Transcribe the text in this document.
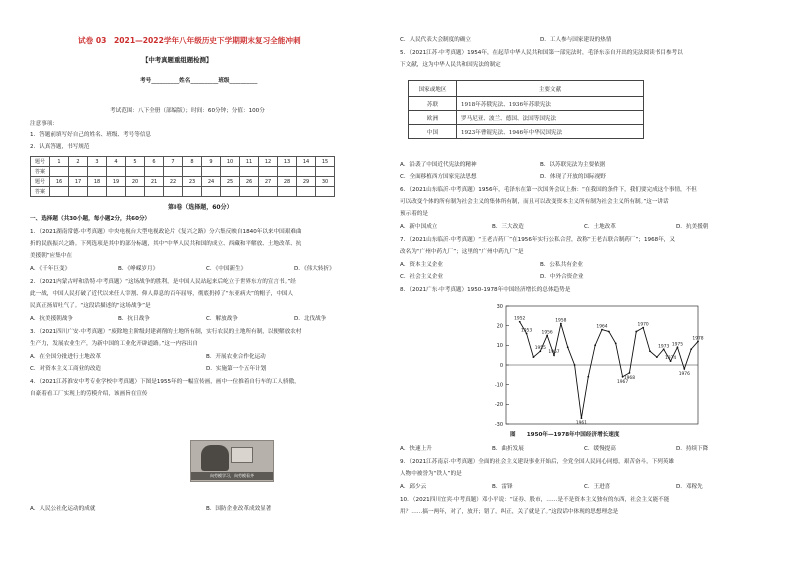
试卷 03　2021—2022学年八年级历史下学期期末复习全能冲刺
【中考真题重组题检测】
考号__________姓名__________班级__________
考试范围：八下全册（部编版）；时间：60分钟；分值：100分
注意事项：
1．答题前填写好自己的姓名、班级、考号等信息
2．认真答题，书写规范
题号	1	2	3	4	5	6	7	8	9	10	11	12	13	14	15
答案															
题号	16	17	18	19	20	21	22	23	24	25	26	27	28	29	30
答案															
第I卷（选择题，60分）
一、选择题（共30小题，每小题2分，共60分）
1．（2021湖南常德·中考真题）中央电视台大型电视政论片《复兴之路》分六集反映自1840年以来中国艰难曲
折的民族振兴之路。下列选项是其中的部分标题，其中“中华人民共和国的成立、西藏和平解放、土地改革、抗
美援朝”应集中在
A．《千年巨变》	B．《峥嵘岁月》	C．《中国新生》	D．《伟大转折》
2．（2021内蒙古呼和浩特·中考真题）“这场战争的胜利，是中国人民站起来后屹立于世界东方的宣言书。”经
此一战，中国人民打破了近代以来任人宰割、仰人鼻息的百年屈辱，彻底扔掉了“东亚病夫”的帽子，中国人
民真正扬眉吐气了。“这段话描述的“这场战争”是
A．抗美援朝战争	B．抗日战争	C．解放战争	D．北伐战争
3．（2021四川广安·中考真题）“废除地主阶级封建剥削的土地所有制，实行农民的土地所有制，以便解放农村
生产力，发展农业生产，为新中国的工业化开辟道路。”这一内容出自
A．在全国分批进行土地改革	B．开展农业合作化运动
C．对资本主义工商业的改造	D．实施第一个五年计划
4．（2021江苏淮安中考专业学校中考真题）下图是1955年的一幅宣传画，画中一位推着自行车的工人骄傲，
自豪着看工厂实现上的劳模介绍，该画旨在宣传
向劳模学习，向劳模看齐
A．人民公社化运动的成就	B．国防企业改革成效显著
C．人民代表大会制度的确立	D．工人参与国家建设的热情
5．（2021江苏·中考真题）1954年，在起草中华人民共和国第一部宪法时，毛泽东亲自开出的宪法阅读书目参考以
下文献，这为中华人民共和国宪法的制定
国家或地区	主要文献
苏联	1918年苏俄宪法、1936年苏联宪法
欧洲	罗马尼亚、波兰、德国、法国等国宪法
中国	1923年曹锟宪法、1946年中华民国宪法
A．沿袭了中国近代宪法的精神	B．以苏联宪法为主要依据
C．全面移植西方国家宪法思想	D．体现了开放的国际视野
6．（2021山东临沂·中考真题）1956年，毛泽东在第一次国务会议上指：“在我国的条件下，我们要完成这个事情，不但
可以改变个体的所有制为社会主义的集体所有制，而且可以改变资本主义所有制为社会主义所有制。”这一讲话
预示着的是
A．新中国成立	B．三大改造	C．土地改革	D．抗美援朝
7．（2021山东临沂·中考真题）“王老吉药厂”在1956年实行公私合营，改称“王老吉联合制药厂”；1968年，又
改名为“广州中药九厂”；这里的“广州中药九厂”是
A．资本主义企业	B．公私共有企业
C．社会主义企业	D．中外合资企业
8．（2021广东·中考真题）1950-1978年中国经济增长的总体趋势是
30
20
10
0
-10
-20
-30
1952
1953 1956
1955
1957
1958
1961
1964
1967
1968
1970
1975
1976
1978
1973
1974
图　　1950年—1978年中国经济增长速度
A．快速上升	B．曲折发展	C．缓慢提高	D．持续下降
9．（2021江苏南京·中考真题）全面的社会主义建设事业开始后，全党全国人民同心同德，艰苦奋斗，下列英雄
人物中被誉为“铁人”的是
A．邱少云	B．雷锋	C．王进喜	D．邓稼先
10．（2021四川宜宾·中考真题）邓小平说：“证券、股市，……是不是资本主义独有的东西，社会主义能不能
用？……搞一两年，对了，放开；错了，纠正，关了就是了。”这段话中体现的思想理念是
